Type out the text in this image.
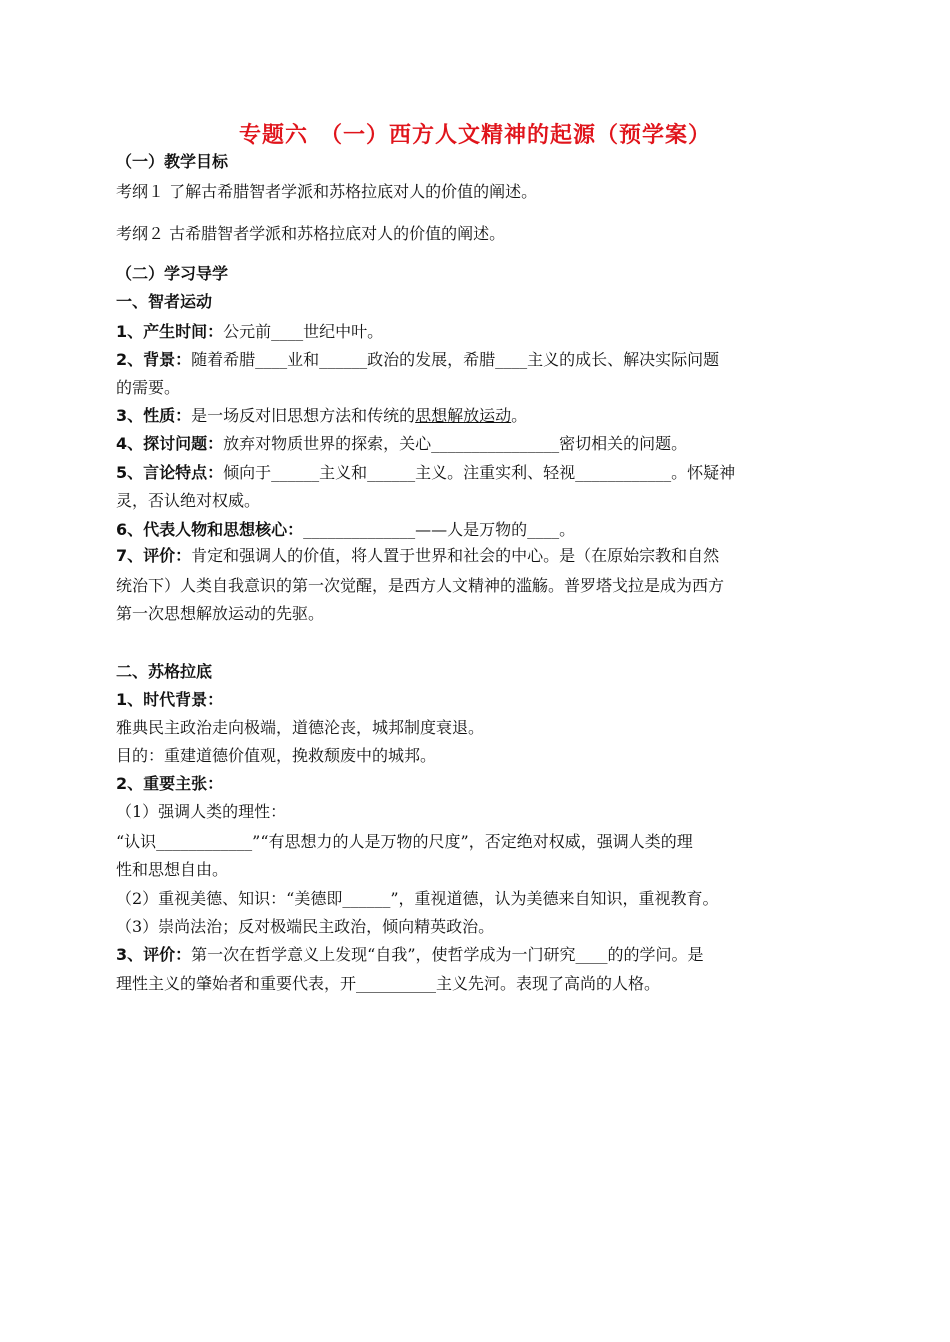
专题六　（一）西方人文精神的起源（预学案）
（一）教学目标
考纲１ 了解古希腊智者学派和苏格拉底对人的价值的阐述。
考纲２ 古希腊智者学派和苏格拉底对人的价值的阐述。
（二）学习导学
一、智者运动
1、产生时间：公元前____世纪中叶。
2、背景：随着希腊____业和______政治的发展，希腊____主义的成长、解决实际问题
的需要。
3、性质：是一场反对旧思想方法和传统的思想解放运动。
4、探讨问题：放弃对物质世界的探索，关心________________密切相关的问题。
5、言论特点：倾向于______主义和______主义。注重实利、轻视____________。怀疑神
灵，否认绝对权威。
6、代表人物和思想核心：______________——人是万物的____。
7、评价：肯定和强调人的价值，将人置于世界和社会的中心。是（在原始宗教和自然
统治下）人类自我意识的第一次觉醒，是西方人文精神的滥觞。普罗塔戈拉是成为西方
第一次思想解放运动的先驱。
二、苏格拉底
1、时代背景：
雅典民主政治走向极端，道德沦丧，城邦制度衰退。
目的：重建道德价值观，挽救颓废中的城邦。
2、重要主张：
（1）强调人类的理性：
“认识____________”“有思想力的人是万物的尺度”，否定绝对权威，强调人类的理
性和思想自由。
（2）重视美德、知识：“美德即______”，重视道德，认为美德来自知识，重视教育。
（3）崇尚法治；反对极端民主政治，倾向精英政治。
3、评价：第一次在哲学意义上发现“自我”，使哲学成为一门研究____的的学问。是
理性主义的肇始者和重要代表，开__________主义先河。表现了高尚的人格。
